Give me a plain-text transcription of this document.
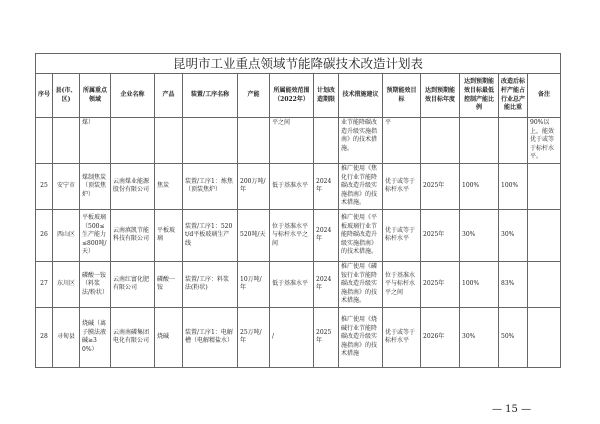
昆明市工业重点领域节能降碳技术改造计划表														
序号	县(市、区)	所属重点领域	企业名称	产品	装置/工序名称	产能	所属能效范围（2022年）	计划改造期限	技术措施建议	预期能效目标	达到预期能效目标年度	达到预期能效目标最低控制产能比例	改造后标杆产能占行业总产能比重	备注
		煤）					平之间		业节能降碳改造升级实施指南》的技术措施。	平				90%以上，能效优于或等于标杆水平。
25	安宁市	煤制焦炭（顶装焦炉）	云南煤业能源股份有限公司	焦炭	装置/工序1：炼焦（顶装焦炉）	200万吨/年	低于基准水平	2024年	推广使用《焦化行业节能降碳改造升级实施指南》的技术措施。	优于或等于标杆水平	2025年	100%	100%	
26	西山区	平板玻璃（500≤生产能力≤800吨/天）	云南滇凯节能科技有限公司	平板玻璃	装置/工序1：520t/d平板玻璃生产线	520吨/天	位于基准水平与标杆水平之间	2024年	推广使用《平板玻璃行业节能降碳改造升级实施指南》的技术措施。	优于或等于标杆水平	2025年	30%	30%	
27	东川区	磷酸一铵（料浆法/粉状）	云南红富化肥有限公司	磷酸一铵	装置/工序：料浆法(粉状)	10万吨/年	低于基准水平	2024年	推广使用《磷铵行业节能降碳改造升级实施指南》的技术措施。	位于基准水平与标杆水平之间	2025年	100%	83%	
28	寻甸县	烧碱（离子膜法液碱≥30%）	云南南磷集团电化有限公司	烧碱	装置/工序1：电解槽（电解精盐水）	25万吨/年	/	2025年	推广使用《烧碱行业节能降碳改造升级实施指南》的技术措施	优于或等于标杆水平	2026年	30%	50%	
— 15 —
